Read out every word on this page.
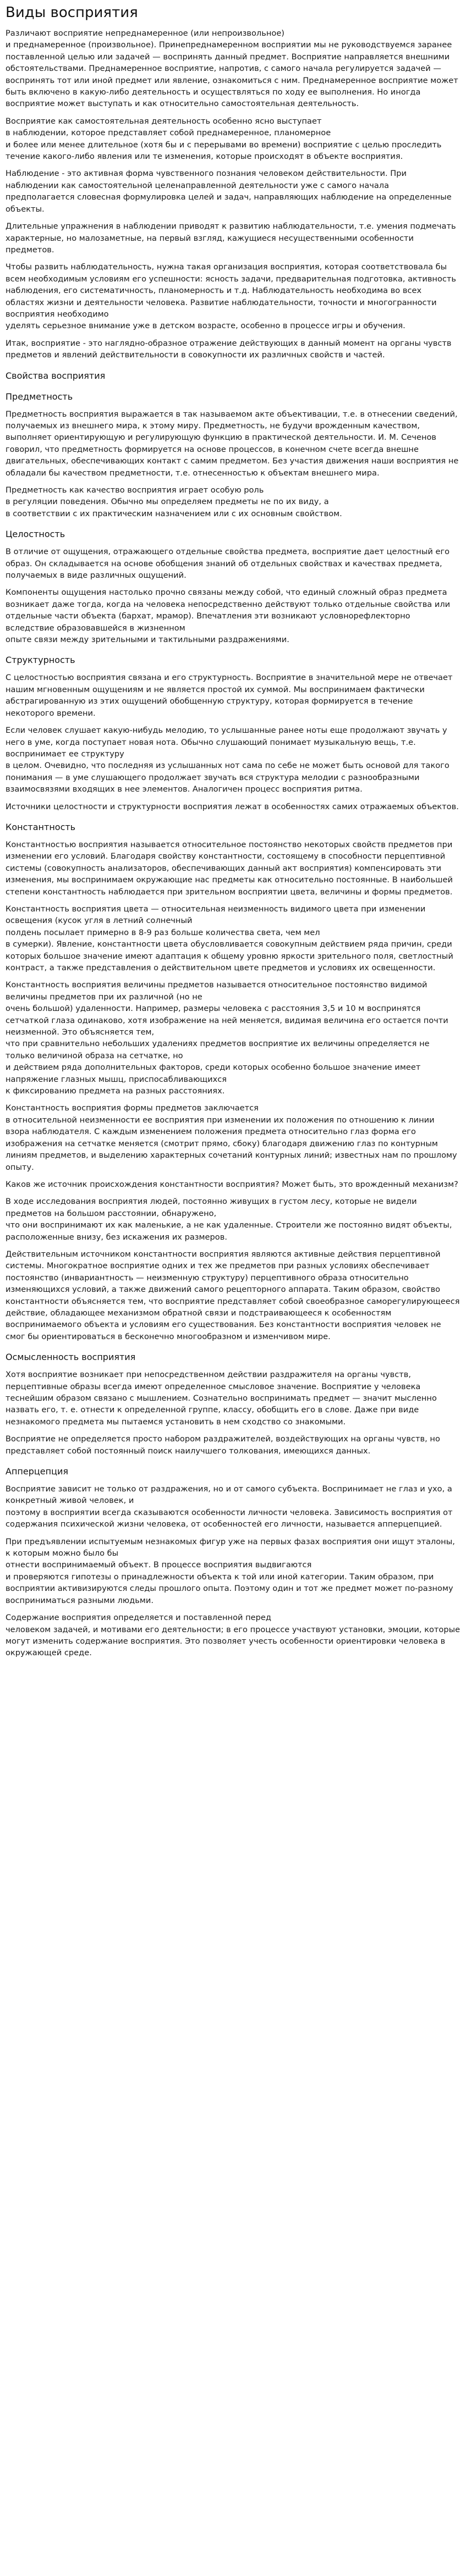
Виды восприятия

Различают восприятие непреднамеренное (или непроизвольное)
и преднамеренное (произвольное). Принепреднамеренном восприятии мы не руководствуемся заранее поставленной целью или задачей — воспринять данный предмет. Восприятие направляется внешними
обстоятельствами. Преднамеренное восприятие, напротив, с самого начала регулируется задачей — воспринять тот или иной предмет или явление, ознакомиться с ним. Преднамеренное восприятие может быть включено в какую-либо деятельность и осуществляться по ходу ее выполнения. Но иногда восприятие может выступать и как относительно самостоятельная деятельность.

Восприятие как самостоятельная деятельность особенно ясно выступает
в наблюдении, которое представляет собой преднамеренное, планомерное
и более или менее длительное (хотя бы и с перерывами во времени) восприятие с целью проследить течение какого-либо явления или те изменения, которые происходят в объекте восприятия.

Наблюдение - это активная форма чувственного познания человеком действительности. При наблюдении как самостоятельной целенаправленной деятельности уже с самого начала предполагается словесная формулировка целей и задач, направляющих наблюдение на определенные объекты.

Длительные упражнения в наблюдении приводят к развитию наблюдательности, т.е. умения подмечать характерные, но малозаметные, на первый взгляд, кажущиеся несущественными особенности предметов.

Чтобы развить наблюдательность, нужна такая организация восприятия, которая соответствовала бы всем необходимым условиям его успешности: ясность задачи, предварительная подготовка, активность наблюдения, его систематичность, планомерность и т.д. Наблюдательность необходима во всех областях жизни и деятельности человека. Развитие наблюдательности, точности и многогранности восприятия необходимо
уделять серьезное внимание уже в детском возрасте, особенно в процессе игры и обучения.

Итак, восприятие - это наглядно-образное отражение действующих в данный момент на органы чувств предметов и явлений действительности в совокупности их различных свойств и частей.

Свойства восприятия
Предметность

Предметность восприятия выражается в так называемом акте объективации, т.е. в отнесении сведений, получаемых из внешнего мира, к этому миру. Предметность, не будучи врожденным качеством, выполняет ориентирующую и регулирующую функцию в практической деятельности. И. М. Сеченов говорил, что предметность формируется на основе процессов, в конечном счете всегда внешне двигательных, обеспечивающих контакт с самим предметом. Без участия движения наши восприятия не обладали бы качеством предметности, т.е. отнесенностью к объектам внешнего мира.

Предметность как качество восприятия играет особую роль
в регуляции поведения. Обычно мы определяем предметы не по их виду, а
в соответствии с их практическим назначением или с их основным свойством.

Целостность

В отличие от ощущения, отражающего отдельные свойства предмета, восприятие дает целостный его образ. Он складывается на основе обобщения знаний об отдельных свойствах и качествах предмета, получаемых в виде различных ощущений.

Компоненты ощущения настолько прочно связаны между собой, что единый сложный образ предмета возникает даже тогда, когда на человека непосредственно действуют только отдельные свойства или отдельные части объекта (бархат, мрамор). Впечатления эти возникают условнорефлекторно вследствие образовавшейся в жизненном
опыте связи между зрительными и тактильными раздражениями.

Структурность

С целостностью восприятия связана и его структурность. Восприятие в значительной мере не отвечает нашим мгновенным ощущениям и не является простой их суммой. Мы воспринимаем фактически абстрагированную из этих ощущений обобщенную структуру, которая формируется в течение некоторого времени.

Если человек слушает какую-нибудь мелодию, то услышанные ранее ноты еще продолжают звучать у него в уме, когда поступает новая нота. Обычно слушающий понимает музыкальную вещь, т.е. воспринимает ее структуру
в целом. Очевидно, что последняя из услышанных нот сама по себе не может быть основой для такого понимания — в уме слушающего продолжает звучать вся структура мелодии с разнообразными взаимосвязями входящих в нее элементов. Аналогичен процесс восприятия ритма.

Источники целостности и структурности восприятия лежат в особенностях самих отражаемых объектов.

Константность

Константностью восприятия называется относительное постоянство некоторых свойств предметов при изменении его условий. Благодаря свойству константности, состоящему в способности перцептивной системы (совокупность анализаторов, обеспечивающих данный акт восприятия) компенсировать эти изменения, мы воспринимаем окружающие нас предметы как относительно постоянные. В наибольшей степени константность наблюдается при зрительном восприятии цвета, величины и формы предметов.

Константность восприятия цвета — относительная неизменность видимого цвета при изменении освещения (кусок угля в летний солнечный
полдень посылает примерно в 8-9 раз больше количества света, чем мел
в сумерки). Явление, константности цвета обусловливается совокупным действием ряда причин, среди которых большое значение имеют адаптация к общему уровню яркости зрительного поля, светлостный контраст, а также представления о действительном цвете предметов и условиях их освещенности.

Константность восприятия величины предметов называется относительное постоянство видимой величины предметов при их различной (но не
очень большой) удаленности. Например, размеры человека с расстояния 3,5 и 10 м воспринятся сетчаткой глаза одинаково, хотя изображение на ней меняется, видимая величина его остается почти неизменной. Это объясняется тем,
что при сравнительно небольших удалениях предметов восприятие их величины определяется не только величиной образа на сетчатке, но
и действием ряда дополнительных факторов, среди которых особенно большое значение имеет напряжение глазных мышц, приспосабливающихся
к фиксированию предмета на разных расстояниях.

Константность восприятия формы предметов заключается
в относительной неизменности ее восприятия при изменении их положения по отношению к линии взора наблюдателя. С каждым изменением положения предмета относительно глаз форма его изображения на сетчатке меняется (смотрит прямо, сбоку) благодаря движению глаз по контурным линиям предметов, и выделению характерных сочетаний контурных линий; известных нам по прошлому опыту.

Каков же источник происхождения константности восприятия? Может быть, это врожденный механизм?

В ходе исследования восприятия людей, постоянно живущих в густом лесу, которые не видели предметов на большом расстоянии, обнаружено,
что они воспринимают их как маленькие, а не как удаленные. Строители же постоянно видят объекты, расположенные внизу, без искажения их размеров.

Действительным источником константности восприятия являются активные действия перцептивной системы. Многократное восприятие одних и тех же предметов при разных условиях обеспечивает постоянство (инвариантность — неизменную структуру) перцептивного образа относительно изменяющихся условий, а также движений самого рецепторного аппарата. Таким образом, свойство константности объясняется тем, что восприятие представляет собой своеобразное саморегулирующееся действие, обладающее механизмом обратной связи и подстраивающееся к особенностям
воспринимаемого объекта и условиям его существования. Без константности восприятия человек не смог бы ориентироваться в бесконечно многообразном и изменчивом мире.

Осмысленность восприятия

Хотя восприятие возникает при непосредственном действии раздражителя на органы чувств, перцептивные образы всегда имеют определенное смысловое значение. Восприятие у человека теснейшим образом связано с мышлением. Сознательно воспринимать предмет — значит мысленно назвать его, т. е. отнести к определенной группе, классу, обобщить его в слове. Даже при виде незнакомого предмета мы пытаемся установить в нем сходство со знакомыми.

Восприятие не определяется просто набором раздражителей, воздействующих на органы чувств, но представляет собой постоянный поиск наилучшего толкования, имеющихся данных.

Апперцепция

Восприятие зависит не только от раздражения, но и от самого субъекта. Воспринимает не глаз и ухо, а конкретный живой человек, и
поэтому в восприятии всегда сказываются особенности личности человека. Зависимость восприятия от содержания психической жизни человека, от особенностей его личности, называется апперцепцией.

При предъявлении испытуемым незнакомых фигур уже на первых фазах восприятия они ищут эталоны, к которым можно было бы
отнести воспринимаемый объект. В процессе восприятия выдвигаются
и проверяются гипотезы о принадлежности объекта к той или иной категории. Таким образом, при восприятии активизируются следы прошлого опыта. Поэтому один и тот же предмет может по-разному восприниматься разными людьми.

Содержание восприятия определяется и поставленной перед
человеком задачей, и мотивами его деятельности; в его процессе участвуют установки, эмоции, которые могут изменить содержание восприятия. Это позволяет учесть особенности ориентировки человека в окружающей среде.
